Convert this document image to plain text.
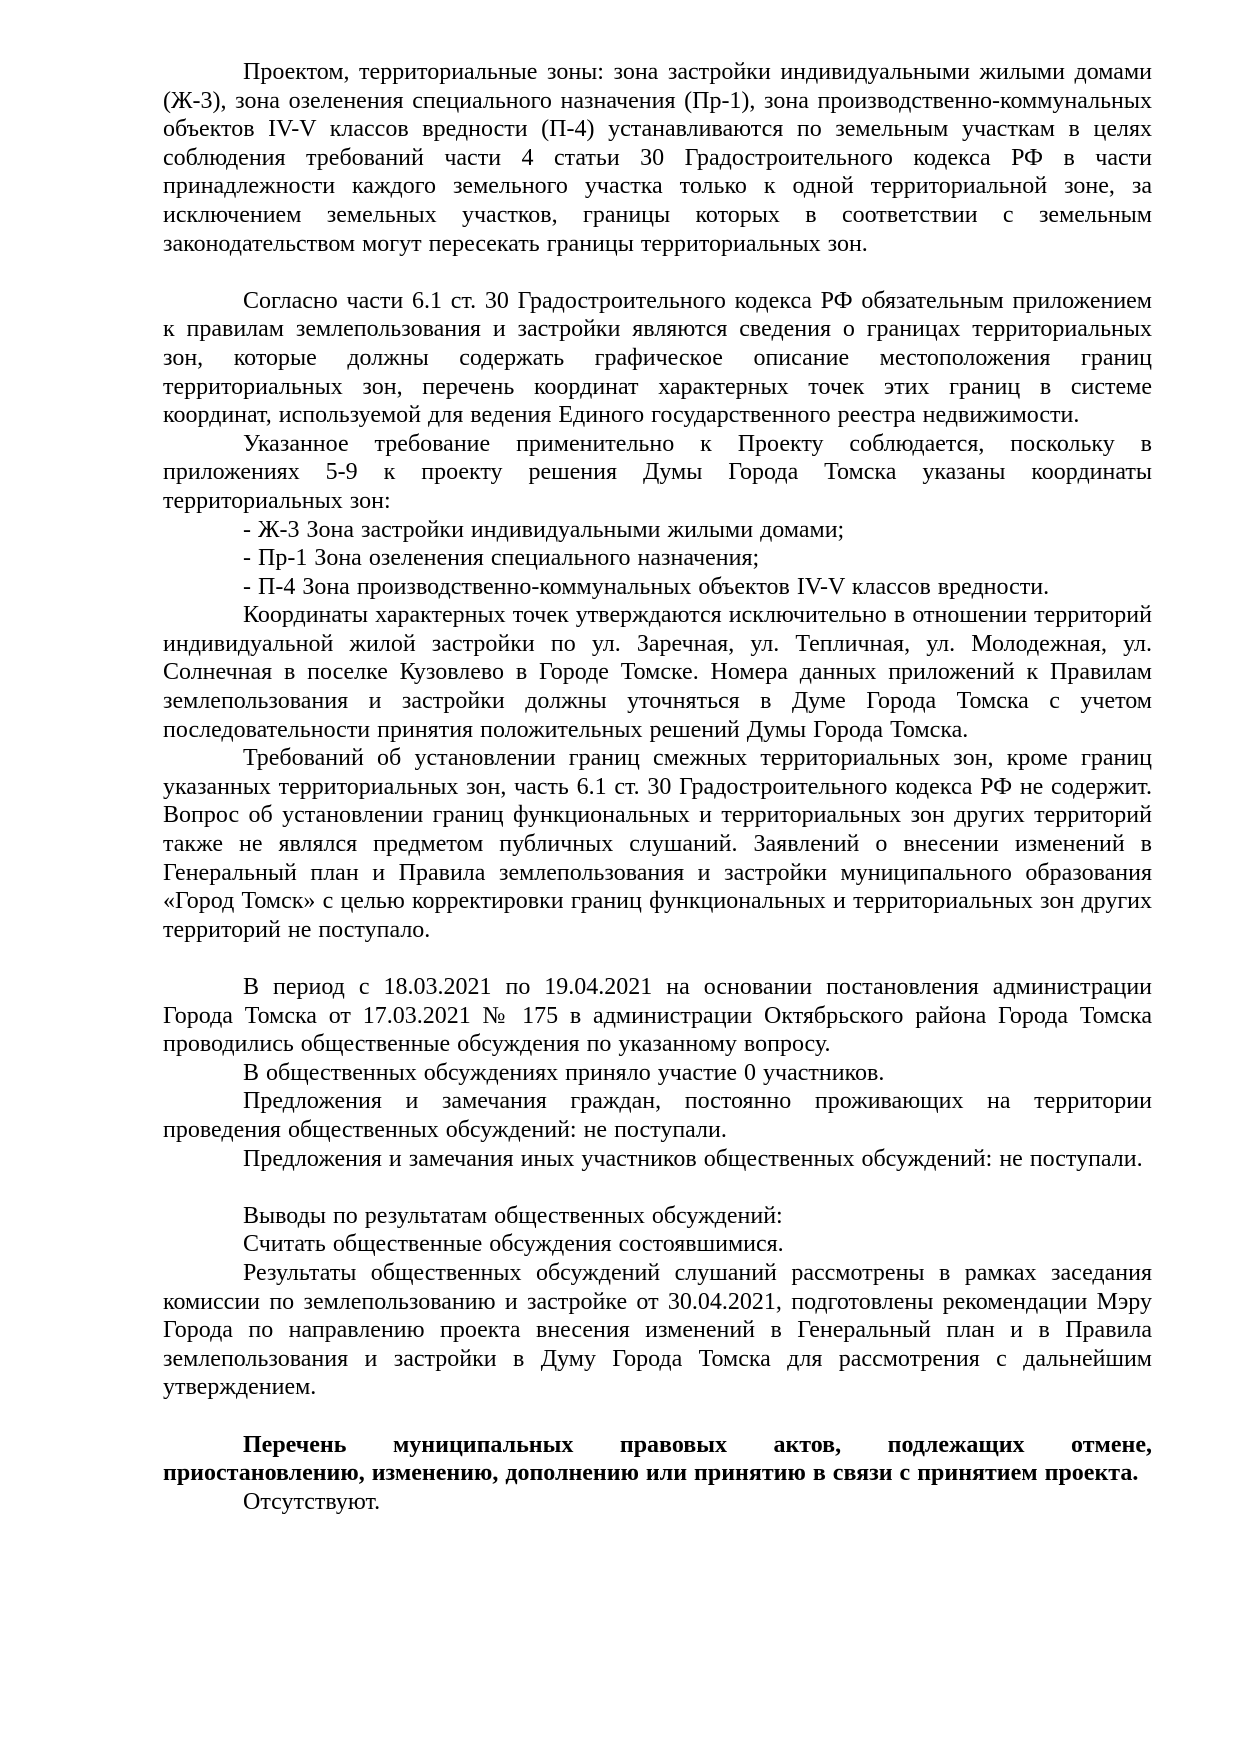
Проектом, территориальные зоны: зона застройки индивидуальными жилыми домами (Ж-3), зона озеленения специального назначения (Пр-1), зона производственно-коммунальных объектов IV-V классов вредности (П-4) устанавливаются по земельным участкам в целях соблюдения требований части 4 статьи 30 Градостроительного кодекса РФ в части принадлежности каждого земельного участка только к одной территориальной зоне, за исключением земельных участков, границы которых в соответствии с земельным законодательством могут пересекать границы территориальных зон.

Согласно части 6.1 ст. 30 Градостроительного кодекса РФ обязательным приложением к правилам землепользования и застройки являются сведения о границах территориальных зон, которые должны содержать графическое описание местоположения границ территориальных зон, перечень координат характерных точек этих границ в системе координат, используемой для ведения Единого государственного реестра недвижимости.

Указанное требование применительно к Проекту соблюдается, поскольку в приложениях 5-9 к проекту решения Думы Города Томска указаны координаты территориальных зон:

- Ж-3 Зона застройки индивидуальными жилыми домами;

- Пр-1 Зона озеленения специального назначения;

- П-4 Зона производственно-коммунальных объектов IV-V классов вредности.

Координаты характерных точек утверждаются исключительно в отношении территорий индивидуальной жилой застройки по ул. Заречная, ул. Тепличная, ул. Молодежная, ул. Солнечная в поселке Кузовлево в Городе Томске. Номера данных приложений к Правилам землепользования и застройки должны уточняться в Думе Города Томска с учетом последовательности принятия положительных решений Думы Города Томска.

Требований об установлении границ смежных территориальных зон, кроме границ указанных территориальных зон, часть 6.1 ст. 30 Градостроительного кодекса РФ не содержит. Вопрос об установлении границ функциональных и территориальных зон других территорий также не являлся предметом публичных слушаний. Заявлений о внесении изменений в Генеральный план и Правила землепользования и застройки муниципального образования «Город Томск» с целью корректировки границ функциональных и территориальных зон других территорий не поступало.

В период с 18.03.2021 по 19.04.2021 на основании постановления администрации Города Томска от 17.03.2021 № 175 в администрации Октябрьского района Города Томска проводились общественные обсуждения по указанному вопросу.

В общественных обсуждениях приняло участие 0 участников.

Предложения и замечания граждан, постоянно проживающих на территории проведения общественных обсуждений: не поступали.

Предложения и замечания иных участников общественных обсуждений: не поступали.

Выводы по результатам общественных обсуждений:

Считать общественные обсуждения состоявшимися.

Результаты общественных обсуждений слушаний рассмотрены в рамках заседания комиссии по землепользованию и застройке от 30.04.2021, подготовлены рекомендации Мэру Города по направлению проекта внесения изменений в Генеральный план и в Правила землепользования и застройки в Думу Города Томска для рассмотрения с дальнейшим утверждением.

Перечень муниципальных правовых актов, подлежащих отмене, приостановлению, изменению, дополнению или принятию в связи с принятием проекта.

Отсутствуют.
